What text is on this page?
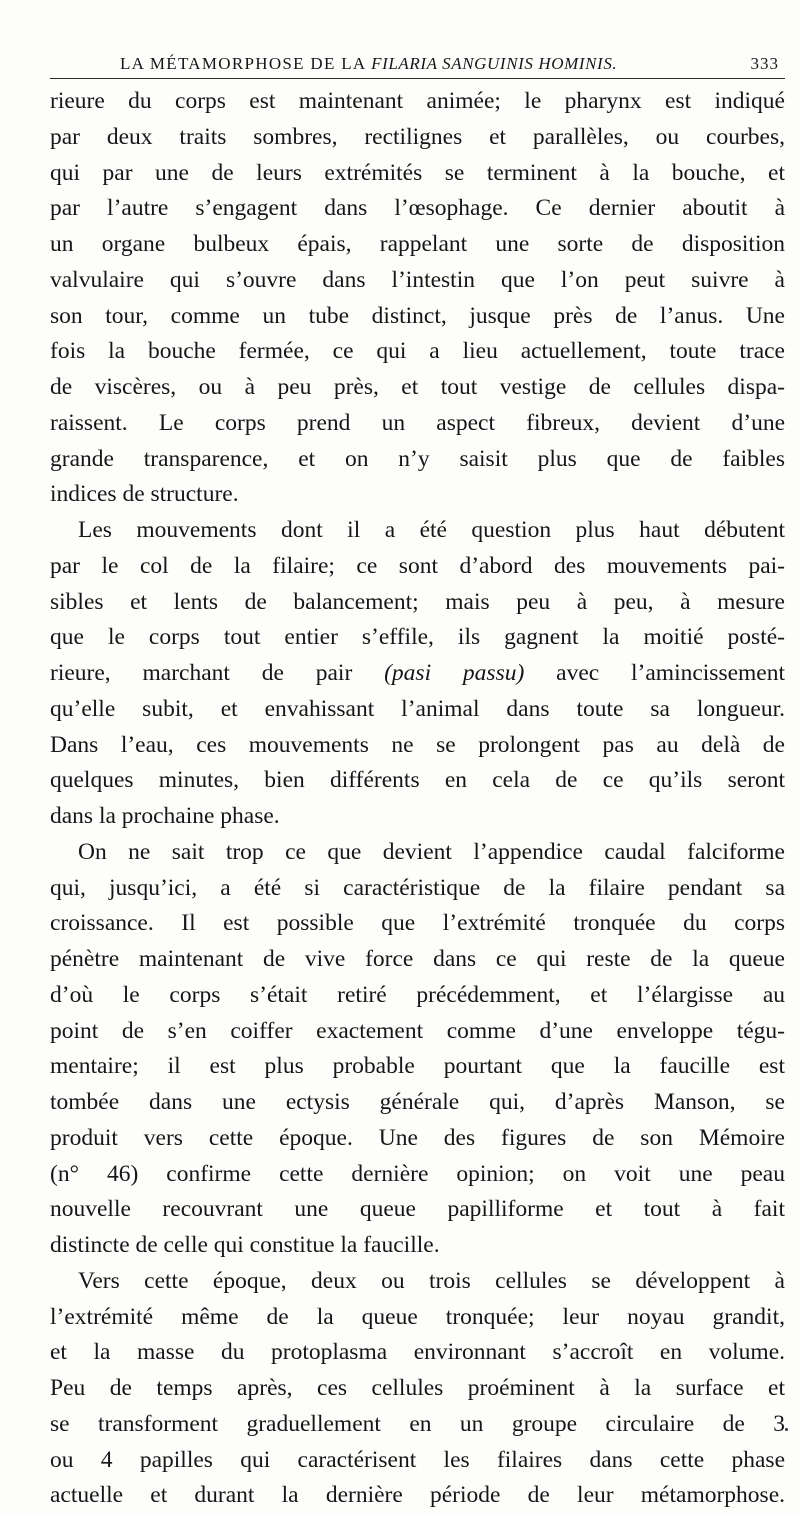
LA MÉTAMORPHOSE DE LA FILARIA SANGUINIS HOMINIS.	333
rieure du corps est maintenant animée; le pharynx est indiqué
par deux traits sombres, rectilignes et parallèles, ou courbes,
qui par une de leurs extrémités se terminent à la bouche, et
par l’autre s’engagent dans l’œsophage. Ce dernier aboutit à
un organe bulbeux épais, rappelant une sorte de disposition
valvulaire qui s’ouvre dans l’intestin que l’on peut suivre à
son tour, comme un tube distinct, jusque près de l’anus. Une
fois la bouche fermée, ce qui a lieu actuellement, toute trace
de viscères, ou à peu près, et tout vestige de cellules dispa-
raissent. Le corps prend un aspect fibreux, devient d’une
grande transparence, et on n’y saisit plus que de faibles
indices de structure.
Les mouvements dont il a été question plus haut débutent
par le col de la filaire; ce sont d’abord des mouvements pai-
sibles et lents de balancement; mais peu à peu, à mesure
que le corps tout entier s’effile, ils gagnent la moitié posté-
rieure, marchant de pair (pasi passu) avec l’amincissement
qu’elle subit, et envahissant l’animal dans toute sa longueur.
Dans l’eau, ces mouvements ne se prolongent pas au delà de
quelques minutes, bien différents en cela de ce qu’ils seront
dans la prochaine phase.
On ne sait trop ce que devient l’appendice caudal falciforme
qui, jusqu’ici, a été si caractéristique de la filaire pendant sa
croissance. Il est possible que l’extrémité tronquée du corps
pénètre maintenant de vive force dans ce qui reste de la queue
d’où le corps s’était retiré précédemment, et l’élargisse au
point de s’en coiffer exactement comme d’une enveloppe tégu-
mentaire; il est plus probable pourtant que la faucille est
tombée dans une ectysis générale qui, d’après Manson, se
produit vers cette époque. Une des figures de son Mémoire
(n° 46) confirme cette dernière opinion; on voit une peau
nouvelle recouvrant une queue papilliforme et tout à fait
distincte de celle qui constitue la faucille.
Vers cette époque, deux ou trois cellules se développent à
l’extrémité même de la queue tronquée; leur noyau grandit,
et la masse du protoplasma environnant s’accroît en volume.
Peu de temps après, ces cellules proéminent à la surface et
se transforment graduellement en un groupe circulaire de 3
ou 4 papilles qui caractérisent les filaires dans cette phase
actuelle et durant la dernière période de leur métamorphose.
